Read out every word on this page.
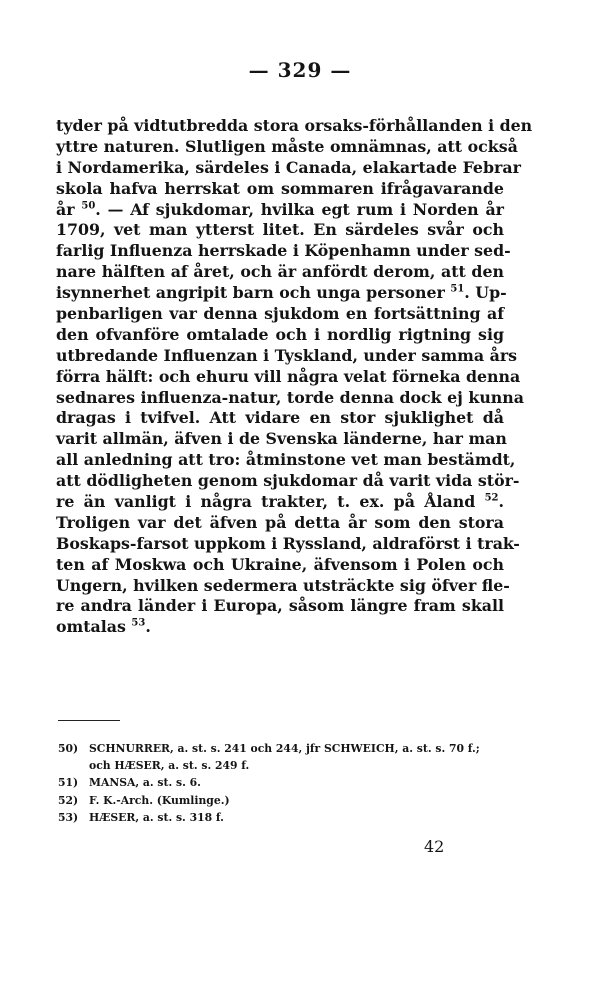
— 329 —
tyder på vidtutbredda stora orsaks-förhållanden i den
yttre naturen. Slutligen måste omnämnas, att också
i Nordamerika, särdeles i Canada, elakartade Febrar
skola hafva herrskat om sommaren ifrågavarande
år $^{50}$. — Af sjukdomar, hvilka egt rum i Norden år
1709, vet man ytterst litet. En särdeles svår och
farlig Influenza herrskade i Köpenhamn under sed-
nare hälften af året, och är anfördt derom, att den
isynnerhet angripit barn och unga personer $^{51}$. Up-
penbarligen var denna sjukdom en fortsättning af
den ofvanföre omtalade och i nordlig rigtning sig
utbredande Influenzan i Tyskland, under samma års
förra hälft: och ehuru vill några velat förneka denna
sednares influenza-natur, torde denna dock ej kunna
dragas i tvifvel. Att vidare en stor sjuklighet då
varit allmän, äfven i de Svenska länderne, har man
all anledning att tro: åtminstone vet man bestämdt,
att dödligheten genom sjukdomar då varit vida stör-
re än vanligt i några trakter, t. ex. på Åland $^{52}$.
Troligen var det äfven på detta år som den stora
Boskaps-farsot uppkom i Ryssland, aldraförst i trak-
ten af Moskwa och Ukraine, äfvensom i Polen och
Ungern, hvilken sedermera utsträckte sig öfver fle-
re andra länder i Europa, såsom längre fram skall
omtalas $^{53}$.
50) SCHNURRER, a. st. s. 241 och 244, jfr SCHWEICH, a. st. s. 70 f.;
och HÆSER, a. st. s. 249 f.
51) MANSA, a. st. s. 6.
52) F. K.-Arch. (Kumlinge.)
53) HÆSER, a. st. s. 318 f.
42
